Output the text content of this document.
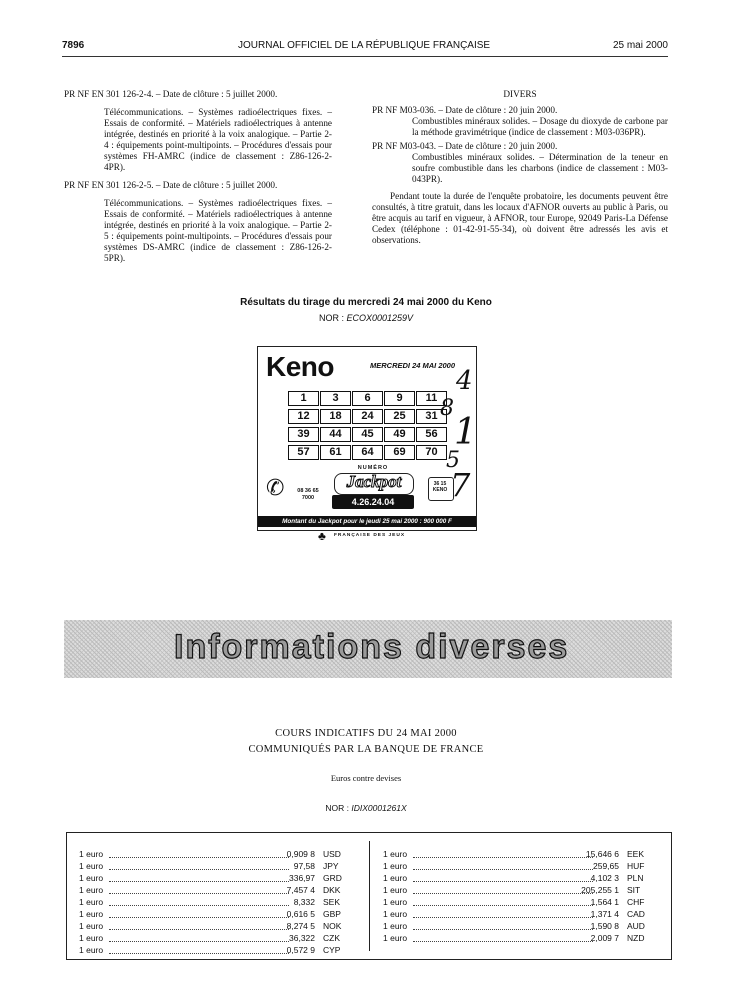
7896	JOURNAL OFFICIEL DE LA RÉPUBLIQUE FRANÇAISE	25 mai 2000

PR NF EN 301 126-2-4. – Date de clôture : 5 juillet 2000.

Télécommunications. – Systèmes radioélectriques fixes. – Essais de conformité. – Matériels radioélectriques à antenne intégrée, destinés en priorité à la voix analogique. – Partie 2-4 : équipements point-multipoints. – Procédures d'essais pour systèmes FH-AMRC (indice de classement : Z86-126-2-4PR).

PR NF EN 301 126-2-5. – Date de clôture : 5 juillet 2000.

Télécommunications. – Systèmes radioélectriques fixes. – Essais de conformité. – Matériels radioélectriques à antenne intégrée, destinés en priorité à la voix analogique. – Partie 2-5 : équipements point-multipoints. – Procédures d'essais pour systèmes DS-AMRC (indice de classement : Z86-126-2-5PR).

DIVERS

PR NF M03-036. – Date de clôture : 20 juin 2000.

Combustibles minéraux solides. – Dosage du dioxyde de carbone par la méthode gravimétrique (indice de classement : M03-036PR).

PR NF M03-043. – Date de clôture : 20 juin 2000.

Combustibles minéraux solides. – Détermination de la teneur en soufre combustible dans les charbons (indice de classement : M03-043PR).

Pendant toute la durée de l'enquête probatoire, les documents peuvent être consultés, à titre gratuit, dans les locaux d'AFNOR ouverts au public à Paris, ou être acquis au tarif en vigueur, à AFNOR, tour Europe, 92049 Paris-La Défense Cedex (téléphone : 01-42-91-55-34), où doivent être adressés les avis et observations.

Résultats du tirage du mercredi 24 mai 2000 du Keno
NOR : ECOX0001259V
Keno	MERCREDI 24 MAI 2000
1	3	6	9	11
12	18	24	25	31
39	44	45	49	56
57	61	64	69	70
✆	08 36 65 7000
36 15 KENO
NUMÉRO
Jackpot
4.26.24.04
Montant du Jackpot pour le jeudi 25 mai 2000 : 900 000 F
♣ FRANÇAISE DES JEUX
4
8
1
5
7
Informations diverses
COURS INDICATIFS DU 24 MAI 2000
COMMUNIQUÉS PAR LA BANQUE DE FRANCE
Euros contre devises
NOR : IDIX0001261X
1 euro	0,909 8 USD
1 euro	97,58 JPY
1 euro	336,97 GRD
1 euro	7,457 4 DKK
1 euro	8,332 SEK
1 euro	0,616 5 GBP
1 euro	8,274 5 NOK
1 euro	36,322 CZK
1 euro	0,572 9 CYP
1 euro	15,646 6 EEK
1 euro	259,65 HUF
1 euro	4,102 3 PLN
1 euro	205,255 1 SIT
1 euro	1,564 1 CHF
1 euro	1,371 4 CAD
1 euro	1,590 8 AUD
1 euro	2,009 7 NZD
